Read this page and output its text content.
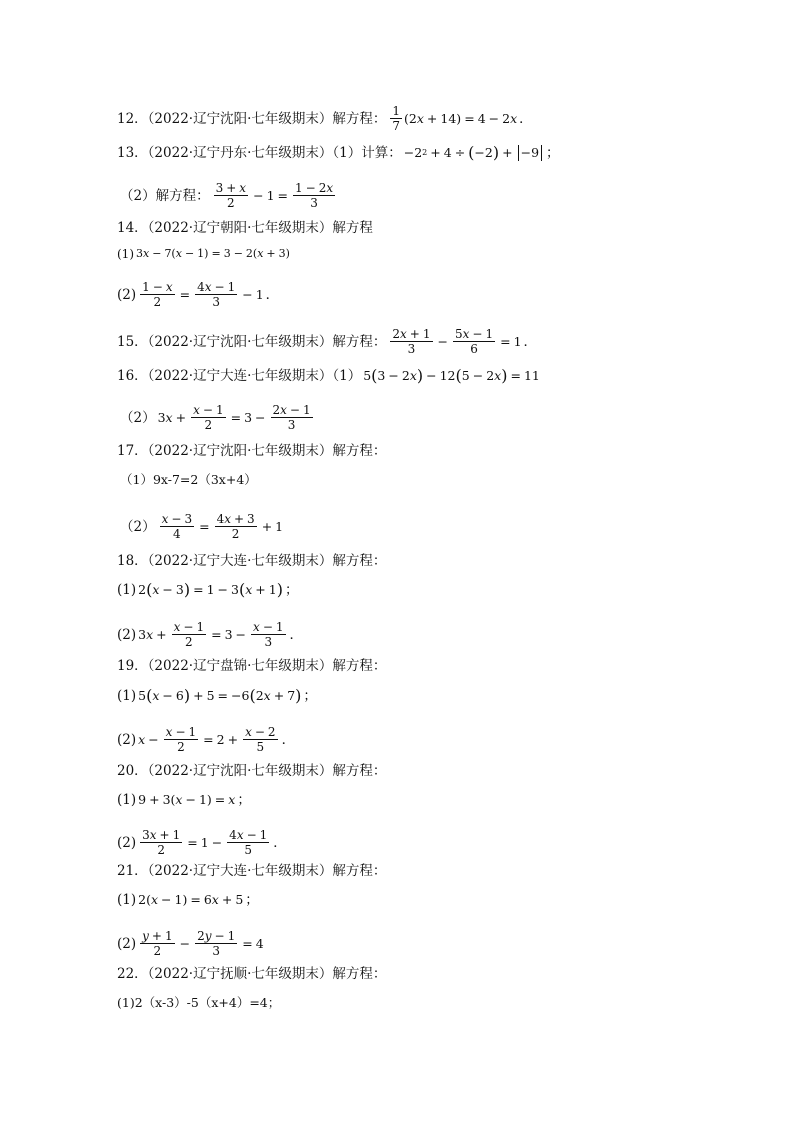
12．（2022·辽宁沈阳·七年级期末）解方程： $\frac{1}{7} (2$ x + 14) = 4 − 2 x ．
13．（2022·辽宁丹东·七年级期末）（1）计算： −2 2 + 4 ÷ ( −2 ) + −9 ；
（2）解方程： $\frac{3 + x}{2} - 1 = \frac{1 - 2x}{3}$
14．（2022·辽宁朝阳·七年级期末）解方程
(1) 3 x − 7( x − 1) = 3 − 2( x + 3)
$(2) \frac{1 - x}{2} = \frac{4x - 1}{3} - 1$ ．
15．（2022·辽宁沈阳·七年级期末）解方程： $\frac{2x + 1}{3} - \frac{5x - 1}{6} = 1$ ．
16．（2022·辽宁大连·七年级期末）（1） 5 ( 3 − 2 x ) − 12 ( 5 − 2 x ) = 11
（2） 3 $x + \frac{x - 1}{2} = 3 - \frac{2x - 1}{3}$
17．（2022·辽宁沈阳·七年级期末）解方程：
（1）9x-7=2（3x+4）
$(2) \frac{x - 3}{4} = \frac{4x + 3}{2} + 1$
18．（2022·辽宁大连·七年级期末）解方程：
(1) 2 ( x − 3 ) = 1 − 3 ( x + 1 ) ；
(2) 3 $x + \frac{x - 1}{2} = 3 - \frac{x - 1}{3}$ ．
19．（2022·辽宁盘锦·七年级期末）解方程：
(1) 5 ( x − 6 ) + 5 = −6 ( 2 x + 7 ) ；
(2) $x - \frac{x - 1}{2} = 2 + \frac{x - 2}{5}$ ．
20．（2022·辽宁沈阳·七年级期末）解方程：
(1) 9 + 3( x − 1) = x ；
$(2) \frac{3x + 1}{2} = 1 - \frac{4x - 1}{5}$ ．
21．（2022·辽宁大连·七年级期末）解方程：
(1) 2( x − 1) = 6 x + 5 ；
$(2) \frac{y + 1}{2} - \frac{2y - 1}{3} = 4$
22．（2022·辽宁抚顺·七年级期末）解方程：
(1)2（x-3）-5（x+4）=4；
